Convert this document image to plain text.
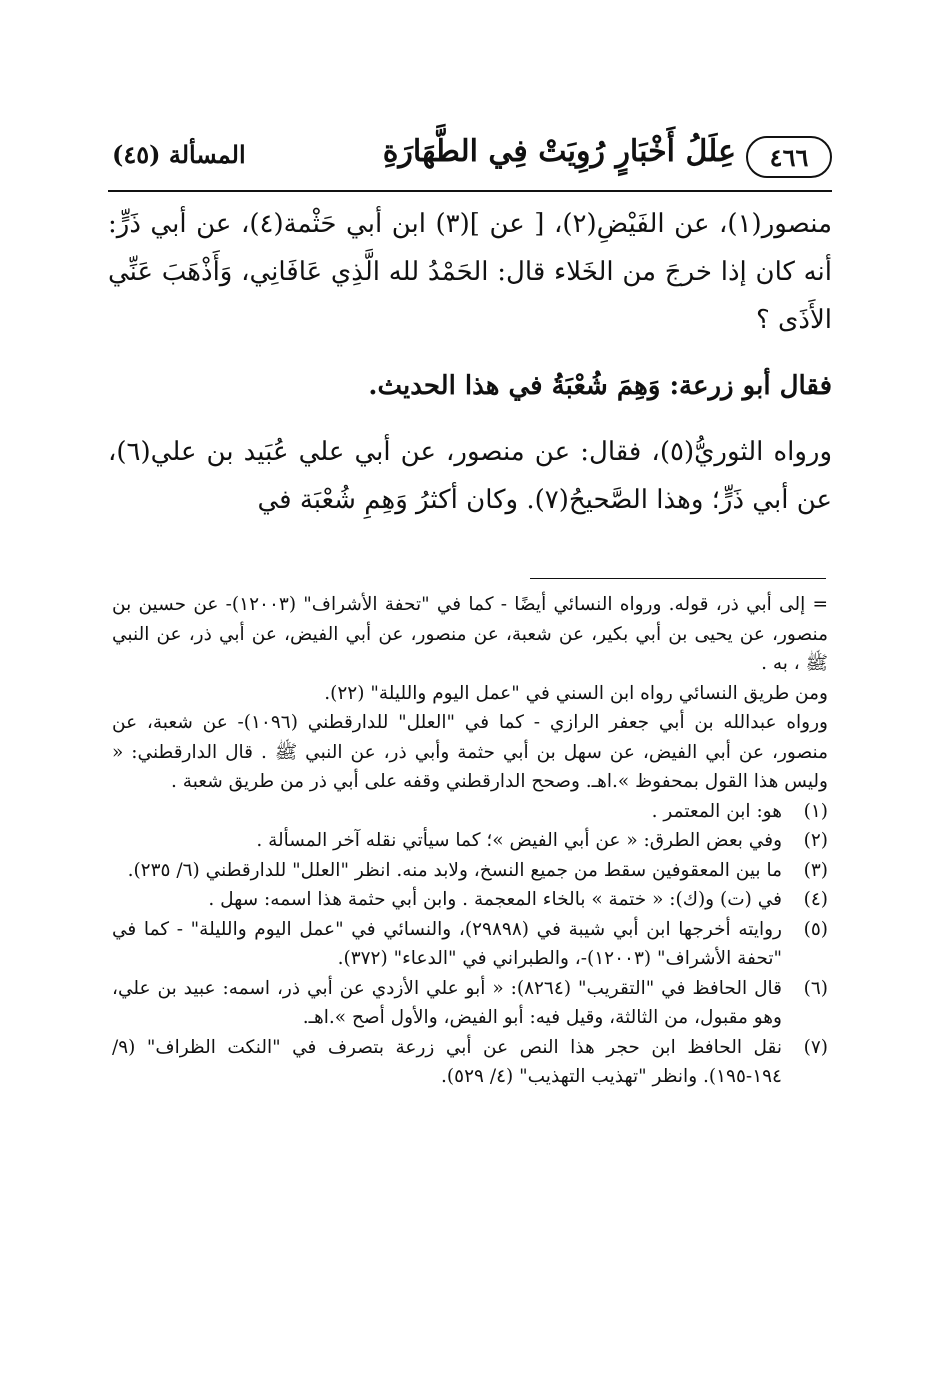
٤٦٦
عِلَلُ أَخْبَارٍ رُوِيَتْ فِي الطَّهَارَةِ
المسألة (٤٥)

منصور(١)، عن الفَيْضِ(٢)، [ عن ](٣) ابن أبي حَثْمة(٤)، عن أبي ذَرٍّ: أنه كان إذا خرجَ من الخَلاء قال: الحَمْدُ لله الَّذِي عَافَانِي، وَأَذْهَبَ عَنِّي الأَذَى ؟

فقال أبو زرعة: وَهِمَ شُعْبَةُ في هذا الحديث.

ورواه الثوريُّ(٥)، فقال: عن منصور، عن أبي علي عُبَيد بن علي(٦)، عن أبي ذَرٍّ؛ وهذا الصَّحيحُ(٧). وكان أكثرُ وَهِمِ شُعْبَة في

= إلى أبي ذر، قوله. ورواه النسائي أيضًا - كما في "تحفة الأشراف" (١٢٠٠٣)- عن حسين بن منصور، عن يحيى بن أبي بكير، عن شعبة، عن منصور، عن أبي الفيض، عن أبي ذر، عن النبي ﷺ ، به .

ومن طريق النسائي رواه ابن السني في "عمل اليوم والليلة" (٢٢).

ورواه عبدالله بن أبي جعفر الرازي - كما في "العلل" للدارقطني (١٠٩٦)- عن شعبة، عن منصور، عن أبي الفيض، عن سهل بن أبي حثمة وأبي ذر، عن النبي ﷺ . قال الدارقطني: « وليس هذا القول بمحفوظ ».اهـ. وصحح الدارقطني وقفه على أبي ذر من طريق شعبة .

(١)
هو: ابن المعتمر .
(٢)
وفي بعض الطرق: « عن أبي الفيض »؛ كما سيأتي نقله آخر المسألة .
(٣)
ما بين المعقوفين سقط من جميع النسخ، ولابد منه. انظر "العلل" للدارقطني (٦/ ٢٣٥).
(٤)
في (ت) و(ك): « ختمة » بالخاء المعجمة . وابن أبي حثمة هذا اسمه: سهل .
(٥)
روايته أخرجها ابن أبي شيبة في (٢٩٨٩٨)، والنسائي في "عمل اليوم والليلة" - كما في "تحفة الأشراف" (١٢٠٠٣)-، والطبراني في "الدعاء" (٣٧٢).
(٦)
قال الحافظ في "التقريب" (٨٢٦٤): « أبو علي الأزدي عن أبي ذر، اسمه: عبيد بن علي، وهو مقبول، من الثالثة، وقيل فيه: أبو الفيض، والأول أصح ».اهـ.
(٧)
نقل الحافظ ابن حجر هذا النص عن أبي زرعة بتصرف في "النكت الظراف" (٩/ ١٩٤-١٩٥). وانظر "تهذيب التهذيب" (٤/ ٥٢٩).
